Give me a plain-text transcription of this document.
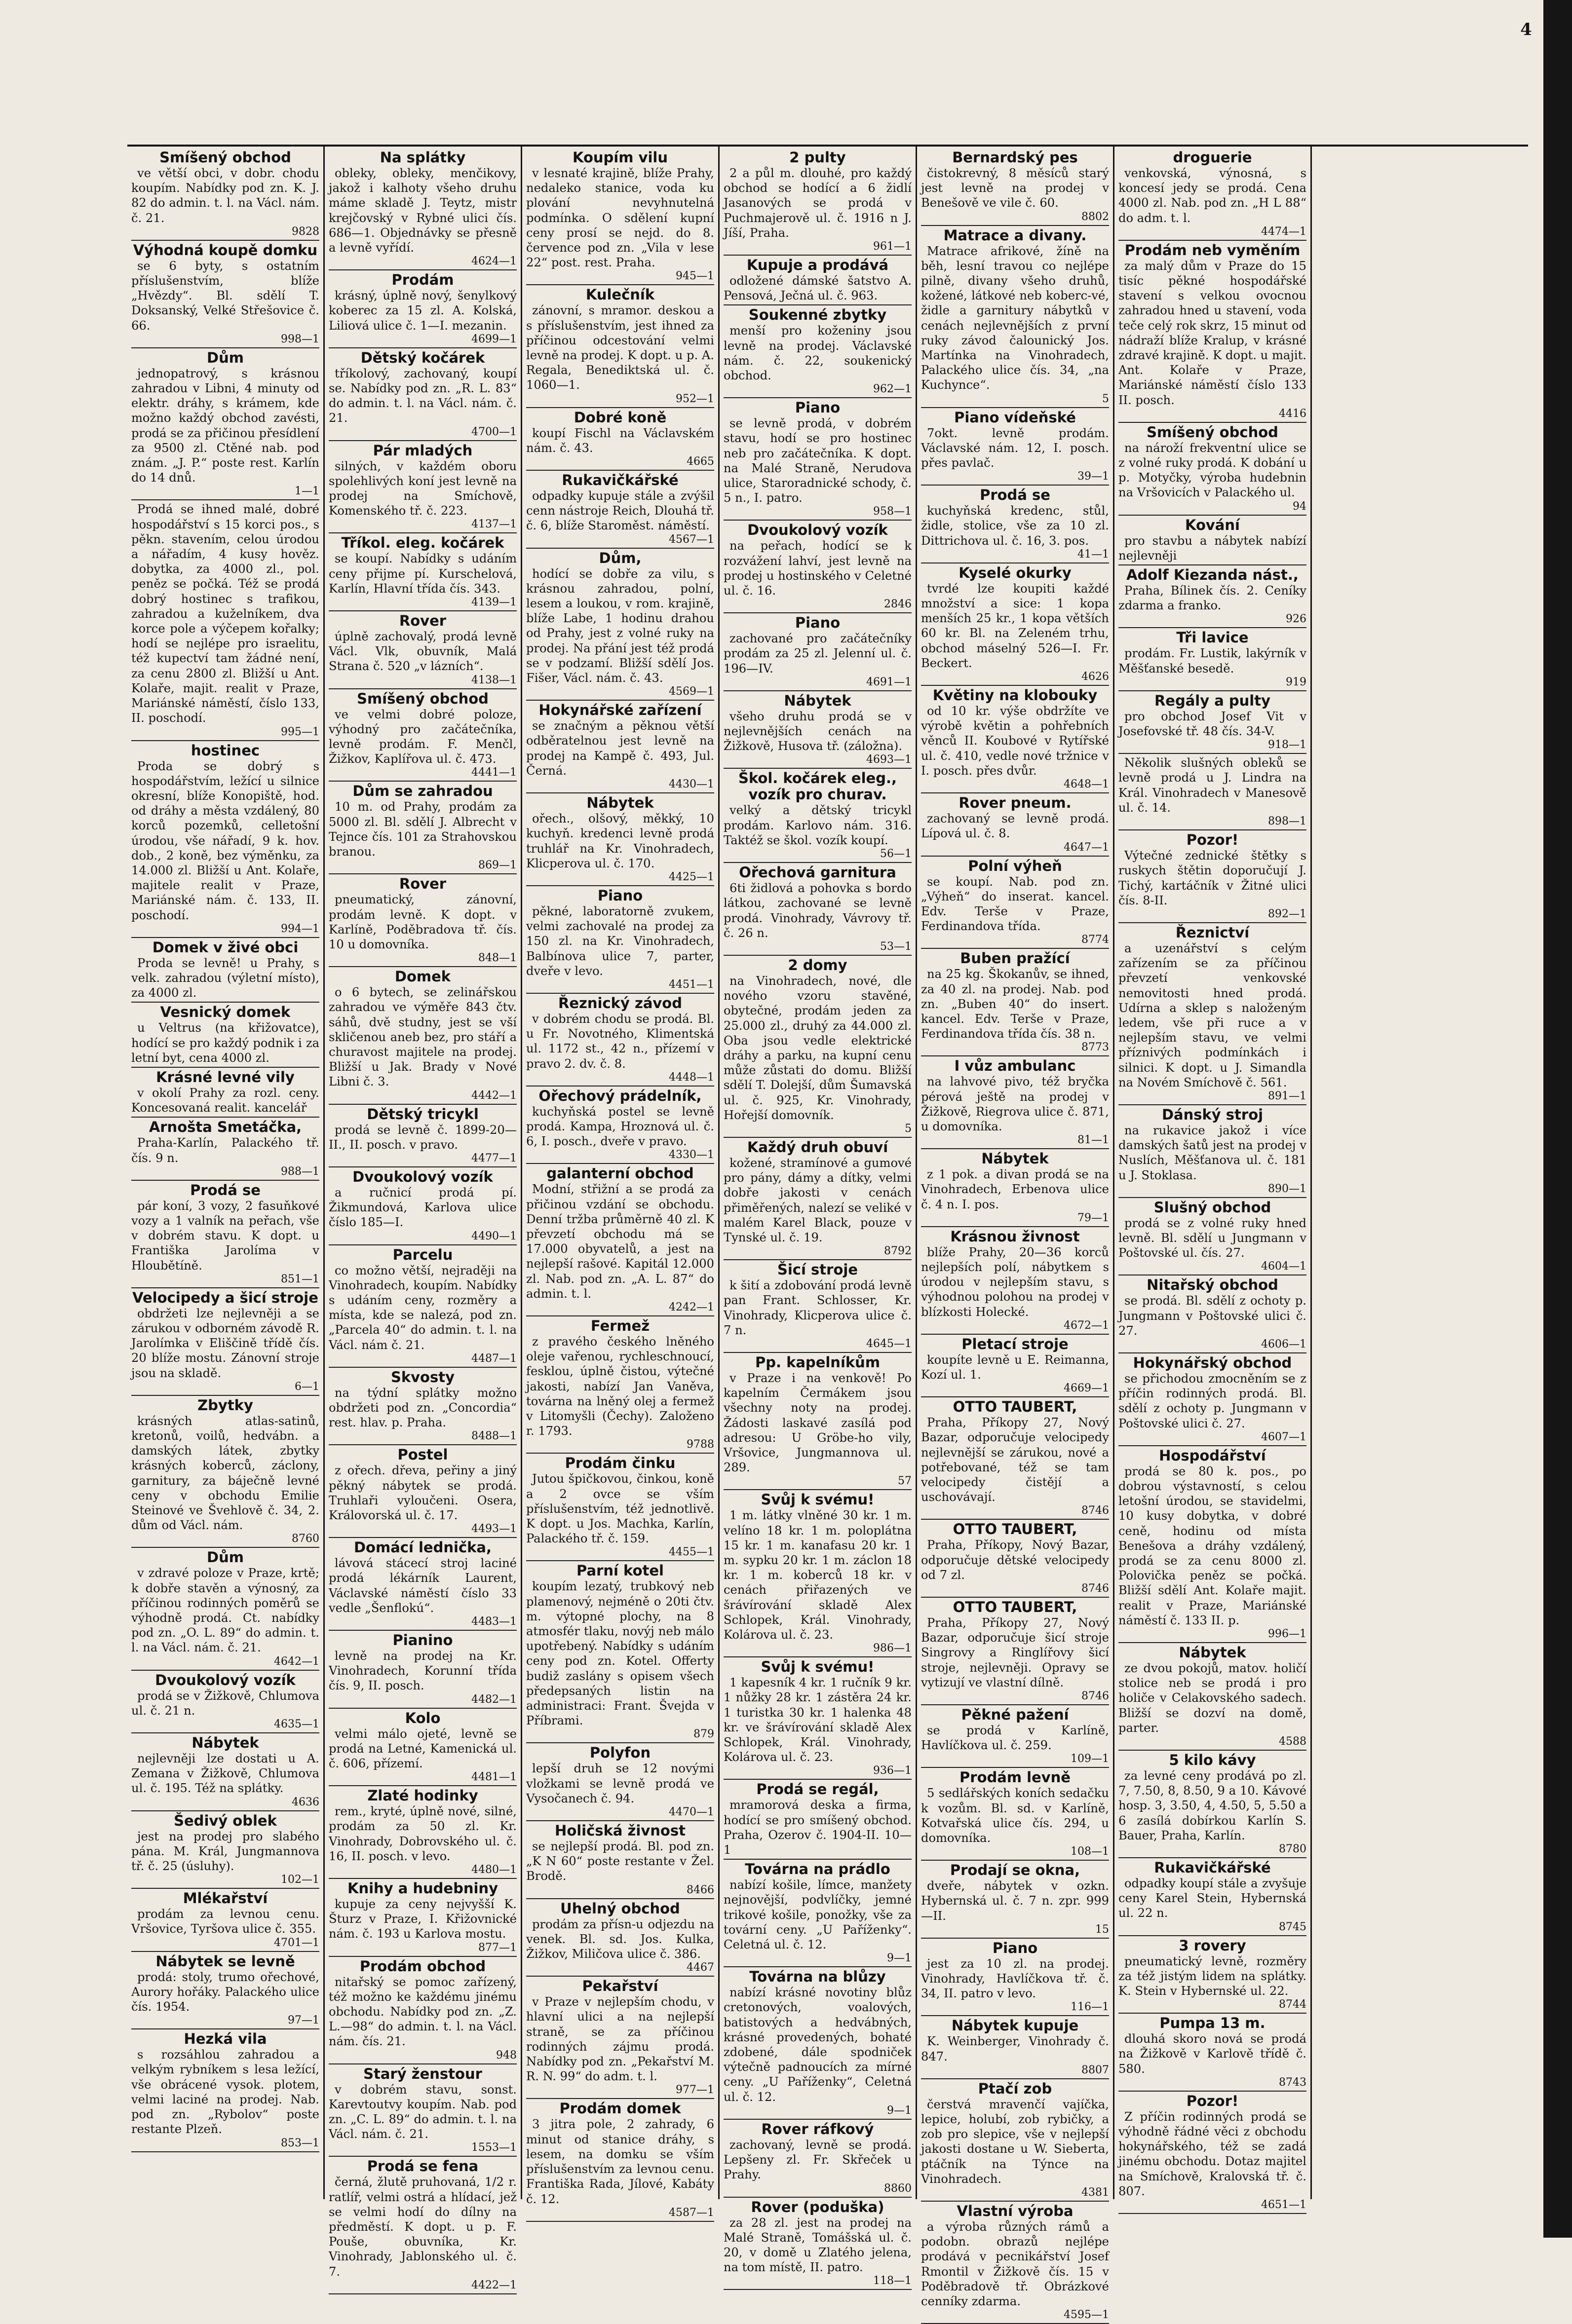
4
Smíšený obchod
ve větší obci, v dobr. chodu koupím. Nabídky pod zn. K. J. 82 do admin. t. l. na Václ. nám. č. 21.
9828
Výhodná koupě domku
se 6 byty, s ostatním příslušenstvím, blíže „Hvězdy“. Bl. sdělí T. Doksanský, Velké Střešovice č. 66.
998—1
Dům
jednopatrový, s krásnou zahradou v Libni, 4 minuty od elektr. dráhy, s krámem, kde možno každý obchod zavésti, prodá se za přičinou přesídlení za 9500 zl. Ctěné nab. pod znám. „J. P.“ poste rest. Karlín do 14 dnů.
1—1
Prodá se ihned malé, dobré hospodářství s 15 korci pos., s pěkn. stavením, celou úrodou a nářadím, 4 kusy hověz. dobytka, za 4000 zl., pol. peněz se počká. Též se prodá dobrý hostinec s trafikou, zahradou a kuželníkem, dva korce pole a výčepem kořalky; hodí se nejlépe pro israelitu, též kupectví tam žádné není, za cenu 2800 zl. Bližší u Ant. Kolaře, majit. realit v Praze, Mariánské náměstí, číslo 133, II. poschodí.
995—1
hostinec
Proda se dobrý s hospodářstvím, ležící u silnice okresní, blíže Konopiště, hod. od dráhy a města vzdálený, 80 korců pozemků, celletošní úrodou, vše nářadí, 9 k. hov. dob., 2 koně, bez výměnku, za 14.000 zl. Bližší u Ant. Kolaře, majitele realit v Praze, Mariánské nám. č. 133, II. poschodí.
994—1
Domek v živé obci
Proda se levně! u Prahy, s velk. zahradou (výletní místo), za 4000 zl.
Vesnický domek
u Veltrus (na křižovatce), hodící se pro každý podnik i za letní byt, cena 4000 zl.
Krásné levné vily
v okolí Prahy za rozl. ceny. Koncesovaná realit. kancelář
Arnošta Smetáčka,
Praha-Karlín, Palackého tř. čís. 9 n.
988—1
Prodá se
pár koní, 3 vozy, 2 fasuňkové vozy a 1 valník na peřach, vše v dobrém stavu. K dopt. u Františka Jarolíma v Hloubětíně.
851—1
Velocipedy a šicí stroje
obdržeti lze nejlevněji a se zárukou v odborném závodě R. Jarolímka v Eliščině třídě čís. 20 blíže mostu. Zánovní stroje jsou na skladě.
6—1
Zbytky
krásných atlas-satinů, kretonů, voilů, hedvábn. a damských látek, zbytky krásných koberců, záclony, garnitury, za báječně levné ceny v obchodu Emilie Steinové ve Švehlově č. 34, 2. dům od Václ. nám.
8760
Dům
v zdravé poloze v Praze, krtě; k dobře stavěn a výnosný, za příčinou rodinných poměrů se výhodně prodá. Ct. nabídky pod zn. „O. L. 89“ do admin. t. l. na Václ. nám. č. 21.
4642—1
Dvoukolový vozík
prodá se v Žižkově, Chlumova ul. č. 21 n.
4635—1
Nábytek
nejlevněji lze dostati u A. Zemana v Žižkově, Chlumova ul. č. 195. Též na splátky.
4636
Šedivý oblek
jest na prodej pro slabého pána. M. Král, Jungmannova tř. č. 25 (úsluhy).
102—1
Mlékařství
prodám za levnou cenu. Vršovice, Tyršova ulice č. 355.
4701—1
Nábytek se levně
prodá: stoly, trumo ořechové, Aurory hořáky. Palackého ulice čís. 1954.
97—1
Hezká vila
s rozsáhlou zahradou a velkým rybníkem s lesa ležící, vše obrácené vysok. plotem, velmi laciné na prodej. Nab. pod zn. „Rybolov“ poste restante Plzeň.
853—1
Na splátky
obleky, obleky, menčikovy, jakož i kalhoty všeho druhu máme skladě J. Teytz, mistr krejčovský v Rybné ulici čís. 686—1. Objednávky se přesně a levně vyřídí.
4624—1
Prodám
krásný, úplně nový, šenylkový koberec za 15 zl. A. Kolská, Liliová ulice č. 1—I. mezanin.
4699—1
Dětský kočárek
tříkolový, zachovaný, koupí se. Nabídky pod zn. „R. L. 83“ do admin. t. l. na Václ. nám. č. 21.
4700—1
Pár mladých
silných, v každém oboru spolehlivých koní jest levně na prodej na Smíchově, Komenského tř. č. 223.
4137—1
Tříkol. eleg. kočárek
se koupí. Nabídky s udáním ceny přijme pí. Kurschelová, Karlín, Hlavní třída čís. 343.
4139—1
Rover
úplně zachovalý, prodá levně Václ. Vlk, obuvník, Malá Strana č. 520 „v lázních“.
4138—1
Smíšený obchod
ve velmi dobré poloze, výhodný pro začátečníka, levně prodám. F. Menčl, Žižkov, Kaplířova ul. č. 473.
4441—1
Dům se zahradou
10 m. od Prahy, prodám za 5000 zl. Bl. sdělí J. Albrecht v Tejnce čís. 101 za Strahovskou branou.
869—1
Rover
pneumatický, zánovní, prodám levně. K dopt. v Karlíně, Poděbradova tř. čís. 10 u domovníka.
848—1
Domek
o 6 bytech, se zelinářskou zahradou ve výměře 843 čtv. sáhů, dvě studny, jest se vší skličenou aneb bez, pro stáří a churavost majitele na prodej. Bližší u Jak. Brady v Nové Libni č. 3.
4442—1
Dětský tricykl
prodá se levně č. 1899-20—II., II. posch. v pravo.
4477—1
Dvoukolový vozík
a ručnicí prodá pí. Žikmundová, Karlova ulice číslo 185—I.
4490—1
Parcelu
co možno větší, nejraději na Vinohradech, koupím. Nabídky s udáním ceny, rozměry a místa, kde se nalezá, pod zn. „Parcela 40“ do admin. t. l. na Václ. nám č. 21.
4487—1
Skvosty
na týdní splátky možno obdržeti pod zn. „Concordia“ rest. hlav. p. Praha.
8488—1
Postel
z ořech. dřeva, peřiny a jiný pěkný nábytek se prodá. Truhlaři vyloučeni. Osera, Královorská ul. č. 17.
4493—1
Domácí lednička,
lávová stácecí stroj laciné prodá lékárník Laurent, Václavské náměstí číslo 33 vedle „Šenflokú“.
4483—1
Pianino
levně na prodej na Kr. Vinohradech, Korunní třída čís. 9, II. posch.
4482—1
Kolo
velmi málo ojeté, levně se prodá na Letné, Kamenická ul. č. 606, přízemí.
4481—1
Zlaté hodinky
rem., kryté, úplně nové, silné, prodám za 50 zl. Kr. Vinohrady, Dobrovského ul. č. 16, II. posch. v levo.
4480—1
Knihy a hudebniny
kupuje za ceny nejvyšší K. Šturz v Praze, I. Křižovnické nám. č. 193 u Karlova mostu.
877—1
Prodám obchod
nitařský se pomoc zařízený, též možno ke každému jinému obchodu. Nabídky pod zn. „Z. L.—98“ do admin. t. l. na Václ. nám. čís. 21.
948
Starý ženstour
v dobrém stavu, sonst. Karevtoutvy koupím. Nab. pod zn. „C. L. 89“ do admin. t. l. na Václ. nám. č. 21.
1553—1
Prodá se fena
černá, žlutě pruhovaná, 1/2 r. ratlíř, velmi ostrá a hlídací, jež se velmi hodí do dílny na předměstí. K dopt. u p. F. Pouše, obuvníka, Kr. Vinohrady, Jablonského ul. č. 7.
4422—1
Koupím vilu
v lesnaté krajině, blíže Prahy, nedaleko stanice, voda ku plování nevyhnutelná podmínka. O sdělení kupní ceny prosí se nejd. do 8. července pod zn. „Vila v lese 22“ post. rest. Praha.
945—1
Kulečník
zánovní, s mramor. deskou a s příslušenstvím, jest ihned za příčinou odcestování velmi levně na prodej. K dopt. u p. A. Regala, Benediktská ul. č. 1060—1.
952—1
Dobré koně
koupí Fischl na Václavském nám. č. 43.
4665
Rukavičkářské
odpadky kupuje stále a zvýšil cenn nástroje Reich, Dlouhá tř. č. 6, blíže Staroměst. náměstí.
4567—1
Dům,
hodící se dobře za vilu, s krásnou zahradou, polní, lesem a loukou, v rom. krajině, blíže Labe, 1 hodinu drahou od Prahy, jest z volné ruky na prodej. Na přání jest též prodá se v podzamí. Bližší sdělí Jos. Fišer, Václ. nám. č. 43.
4569—1
Hokynářské zařízení
se značným a pěknou větší odběratelnou jest levně na prodej na Kampě č. 493, Jul. Černá.
4430—1
Nábytek
ořech., olšový, měkký, 10 kuchyň. kredenci levně prodá truhlář na Kr. Vinohradech, Klicperova ul. č. 170.
4425—1
Piano
pěkné, laboratorně zvukem, velmi zachovalé na prodej za 150 zl. na Kr. Vinohradech, Balbínova ulice 7, parter, dveře v levo.
4451—1
Řeznický závod
v dobrém chodu se prodá. Bl. u Fr. Novotného, Klimentská ul. 1172 st., 42 n., přízemí v pravo 2. dv. č. 8.
4448—1
Ořechový prádelník,
kuchyňská postel se levně prodá. Kampa, Hroznová ul. č. 6, I. posch., dveře v pravo.
4330—1
galanterní obchod
Modní, střižní a se prodá za přičinou vzdání se obchodu. Denní tržba průměrně 40 zl. K převzetí obchodu má se 17.000 obyvatelů, a jest na nejlepší rašové. Kapitál 12.000 zl. Nab. pod zn. „A. L. 87“ do admin. t. l.
4242—1
Fermež
z pravého českého lněného oleje vařenou, rychleschnoucí, fesklou, úplně čistou, výtečné jakosti, nabízí Jan Vaněva, továrna na lněný olej a fermež v Litomyšli (Čechy). Založeno r. 1793.
9788
Prodám činku
Jutou špičkovou, činkou, koně a 2 ovce se vším příslušenstvím, též jednotlivě. K dopt. u Jos. Machka, Karlín, Palackého tř. č. 159.
4455—1
Parní kotel
koupím lezatý, trubkový neb plamenový, nejméně o 20ti čtv. m. výtopné plochy, na 8 atmosfér tlaku, novýj neb málo upotřebený. Nabídky s udáním ceny pod zn. Kotel. Offerty budiž zaslány s opisem všech předepsaných listin na administraci: Frant. Švejda v Příbrami.
879
Polyfon
lepší druh se 12 novými vložkami se levně prodá ve Vysočanech č. 94.
4470—1
Holičská živnost
se nejlepší prodá. Bl. pod zn. „K N 60“ poste restante v Žel. Brodě.
8466
Uhelný obchod
prodám za přísn-u odjezdu na venek. Bl. sd. Jos. Kulka, Žižkov, Miličova ulice č. 386.
4467
Pekařství
v Praze v nejlepším chodu, v hlavní ulici a na nejlepší straně, se za příčinou rodinných zájmu prodá. Nabídky pod zn. „Pekařství M. R. N. 99“ do adm. t. l.
977—1
Prodám domek
3 jitra pole, 2 zahrady, 6 minut od stanice dráhy, s lesem, na domku se vším příslušenstvím za levnou cenu. Františka Rada, Jílové, Kabáty č. 12.
4587—1
2 pulty
2 a půl m. dlouhé, pro každý obchod se hodící a 6 židlí Jasanových se prodá v Puchmajerově ul. č. 1916 n J. Jíší, Praha.
961—1
Kupuje a prodává
odložené dámské šatstvo A. Pensová, Ječná ul. č. 963.
Soukenné zbytky
menší pro koženiny jsou levně na prodej. Václavské nám. č. 22, soukenický obchod.
962—1
Piano
se levně prodá, v dobrém stavu, hodí se pro hostinec neb pro začátečníka. K dopt. na Malé Straně, Nerudova ulice, Staroradnické schody, č. 5 n., I. patro.
958—1
Dvoukolový vozík
na peřach, hodící se k rozvážení lahví, jest levně na prodej u hostinského v Celetné ul. č. 16.
2846
Piano
zachované pro začátečníky prodám za 25 zl. Jelenní ul. č. 196—IV.
4691—1
Nábytek
všeho druhu prodá se v nejlevnějších cenách na Žižkově, Husova tř. (záložna).
4693—1
Škol. kočárek eleg., vozík pro churav.
velký a dětský tricykl prodám. Karlovo nám. 316. Taktéž se škol. vozík koupí.
56—1
Ořechová garnitura
6ti židlová a pohovka s bordo látkou, zachované se levně prodá. Vinohrady, Vávrovy tř. č. 26 n.
53—1
2 domy
na Vinohradech, nové, dle nového vzoru stavěné, obytečné, prodám jeden za 25.000 zl., druhý za 44.000 zl. Oba jsou vedle elektrické dráhy a parku, na kupní cenu může zůstati do domu. Bližší sdělí T. Dolejší, dům Šumavská ul. č. 925, Kr. Vinohrady, Hořejší domovník.
5
Každý druh obuví
kožené, stramínové a gumové pro pány, dámy a dítky, velmi dobře jakosti v cenách přiměřených, nalezí se veliké v malém Karel Black, pouze v Tynské ul. č. 19.
8792
Šicí stroje
k šití a zdobování prodá levně pan Frant. Schlosser, Kr. Vinohrady, Klicperova ulice č. 7 n.
4645—1
Pp. kapelníkům
v Praze i na venkově! Po kapelním Čermákem jsou všechny noty na prodej. Žádosti laskavé zasílá pod adresou: U Gröbe-ho vily, Vršovice, Jungmannova ul. 289.
57
Svůj k svému!
1 m. látky vlněné 30 kr. 1 m. velíno 18 kr. 1 m. poloplátna 15 kr. 1 m. kanafasu 20 kr. 1 m. sypku 20 kr. 1 m. záclon 18 kr. 1 m. koberců 18 kr. v cenách přiřazených ve šrávírování skladě Alex Schlopek, Král. Vinohrady, Kolárova ul. č. 23.
986—1
Svůj k svému!
1 kapesník 4 kr. 1 ručník 9 kr. 1 nůžky 28 kr. 1 zástěra 24 kr. 1 turistka 30 kr. 1 halenka 48 kr. ve šrávírování skladě Alex Schlopek, Král. Vinohrady, Kolárova ul. č. 23.
936—1
Prodá se regál,
mramorová deska a firma, hodící se pro smíšený obchod. Praha, Ozerov č. 1904-II. 10—1
Továrna na prádlo
nabízí košile, límce, manžety nejnovější, podvlíčky, jemné trikové košile, ponožky, vše za tovární ceny. „U Paříženky“. Celetná ul. č. 12.
9—1
Továrna na blůzy
nabízí krásné novotiny blůz cretonových, voalových, batistových a hedvábných, krásné provedených, bohaté zdobené, dále spodniček výtečně padnoucích za mírné ceny. „U Paříženky“, Celetná ul. č. 12.
9—1
Rover ráfkový
zachovaný, levně se prodá. Lepšeny zl. Fr. Skřeček u Prahy.
8860
Rover (poduška)
za 28 zl. jest na prodej na Malé Straně, Tomášská ul. č. 20, v domě u Zlatého jelena, na tom místě, II. patro.
118—1
Bernardský pes
čistokrevný, 8 měsíců starý jest levně na prodej v Benešově ve vile č. 60.
8802
Matrace a divany.
Matrace afrikové, žíně na běh, lesní travou co nejlépe pilně, divany všeho druhů, kožené, látkové neb koberc-vé, židle a garnitury nábytků v cenách nejlevnějších z první ruky závod čalounický Jos. Martínka na Vinohradech, Palackého ulice čís. 34, „na Kuchynce“.
5
Piano vídeňské
7okt. levně prodám. Václavské nám. 12, I. posch. přes pavlač.
39—1
Prodá se
kuchyňská kredenc, stůl, židle, stolice, vše za 10 zl. Dittrichova ul. č. 16, 3. pos.
41—1
Kyselé okurky
tvrdé lze koupiti každé množství a sice: 1 kopa menších 25 kr., 1 kopa větších 60 kr. Bl. na Zeleném trhu, obchod máselný 526—I. Fr. Beckert.
4626
Květiny na klobouky
od 10 kr. výše obdržíte ve výrobě květin a pohřebních věnců II. Koubové v Rytířské ul. č. 410, vedle nové tržnice v I. posch. přes dvůr.
4648—1
Rover pneum.
zachovaný se levně prodá. Lípová ul. č. 8.
4647—1
Polní výheň
se koupí. Nab. pod zn. „Výheň“ do inserat. kancel. Edv. Terše v Praze, Ferdinandova třída.
8774
Buben pražící
na 25 kg. Škokanův, se ihned, za 40 zl. na prodej. Nab. pod zn. „Buben 40“ do insert. kancel. Edv. Terše v Praze, Ferdinandova třída čís. 38 n.
8773
I vůz ambulanc
na lahvové pivo, též bryčka pérová ještě na prodej v Žižkově, Riegrova ulice č. 871, u domovníka.
81—1
Nábytek
z 1 pok. a divan prodá se na Vinohradech, Erbenova ulice č. 4 n. I. pos.
79—1
Krásnou živnost
blíže Prahy, 20—36 korců nejlepších polí, nábytkem s úrodou v nejlepším stavu, s výhodnou polohou na prodej v blízkosti Holecké.
4672—1
Pletací stroje
koupíte levně u E. Reimanna, Kozí ul. 1.
4669—1
OTTO TAUBERT,
Praha, Příkopy 27, Nový Bazar, odporučuje velocipedy nejlevnější se zárukou, nové a potřebované, též se tam velocipedy čistějí a uschovávají.
8746
OTTO TAUBERT,
Praha, Příkopy, Nový Bazar, odporučuje dětské velocipedy od 7 zl.
8746
OTTO TAUBERT,
Praha, Příkopy 27, Nový Bazar, odporučuje šicí stroje Singrovy a Ringlířovy šicí stroje, nejlevněji. Opravy se vytizují ve vlastní dílně.
8746
Pěkné pažení
se prodá v Karlíně, Havlíčkova ul. č. 259.
109—1
Prodám levně
5 sedlářských koních sedačku k vozům. Bl. sd. v Karlíně, Kotvařská ulice čís. 294, u domovníka.
108—1
Prodají se okna,
dveře, nábytek v ozkn. Hybernská ul. č. 7 n. zpr. 999—II.
15
Piano
jest za 10 zl. na prodej. Vinohrady, Havlíčkova tř. č. 34, II. patro v levo.
116—1
Nábytek kupuje
K. Weinberger, Vinohrady č. 847.
8807
Ptačí zob
čerstvá mravenčí vajíčka, lepice, holubí, zob rybičky, a zob pro slepice, vše v nejlepší jakosti dostane u W. Sieberta, ptáčník na Týnce na Vinohradech.
4381
Vlastní výroba
a výroba různých rámů a podobn. obrazů nejlépe prodává v pecnikářství Josef Rmontil v Žižkově čís. 15 v Poděbradově tř. Obrázkové cenníky zdarma.
4595—1
droguerie
venkovská, výnosná, s koncesí jedy se prodá. Cena 4000 zl. Nab. pod zn. „H L 88“ do adm. t. l.
4474—1
Prodám neb vyměním
za malý dům v Praze do 15 tisíc pěkné hospodářské stavení s velkou ovocnou zahradou hned u stavení, voda teče celý rok skrz, 15 minut od nádraží blíže Kralup, v krásné zdravé krajině. K dopt. u majit. Ant. Kolaře v Praze, Mariánské náměstí číslo 133 II. posch.
4416
Smíšený obchod
na nároží frekventní ulice se z volné ruky prodá. K dobání u p. Motyčky, výroba hudebnin na Vršovicích v Palackého ul.
94
Kování
pro stavbu a nábytek nabízí nejlevněji
Adolf Kiezanda nást.,
Praha, Bílinek čís. 2. Ceníky zdarma a franko.
926
Tři lavice
prodám. Fr. Lustik, lakýrník v Měšťanské besedě.
919
Regály a pulty
pro obchod Josef Vit v Josefovské tř. 48 čís. 34-V.
918—1
Několik slušných obleků se levně prodá u J. Lindra na Král. Vinohradech v Manesově ul. č. 14.
898—1
Pozor!
Výtečné zednické štětky s ruskych štětin doporučují J. Tichý, kartáčník v Žitné ulici čís. 8-II.
892—1
Řeznictví
a uzenářství s celým zařízením se za příčinou převzetí venkovské nemovitosti hned prodá. Udírna a sklep s naloženým ledem, vše při ruce a v nejlepším stavu, ve velmi příznivých podmínkách i silnici. K dopt. u J. Simandla na Novém Smíchově č. 561.
891—1
Dánský stroj
na rukavice jakož i více damských šatů jest na prodej v Nuslích, Měšťanova ul. č. 181 u J. Stoklasa.
890—1
Slušný obchod
prodá se z volné ruky hned levně. Bl. sdělí u Jungmann v Poštovské ul. čís. 27.
4604—1
Nitařský obchod
se prodá. Bl. sdělí z ochoty p. Jungmann v Poštovské ulici č. 27.
4606—1
Hokynářský obchod
se přichodou zmocněním se z příčin rodinných prodá. Bl. sdělí z ochoty p. Jungmann v Poštovské ulici č. 27.
4607—1
Hospodářství
prodá se 80 k. pos., po dobrou výstavností, s celou letošní úrodou, se stavidelmi, 10 kusy dobytka, v dobré ceně, hodinu od místa Benešova a dráhy vzdálený, prodá se za cenu 8000 zl. Polovička peněz se počká. Bližší sdělí Ant. Kolaře majit. realit v Praze, Mariánské náměstí č. 133 II. p.
996—1
Nábytek
ze dvou pokojů, matov. holičí stolice neb se prodá i pro holiče v Celakovského sadech. Bližší se dozví na domě, parter.
4588
5 kilo kávy
za levné ceny prodává po zl. 7, 7.50, 8, 8.50, 9 a 10. Kávové hosp. 3, 3.50, 4, 4.50, 5, 5.50 a 6 zasílá dobírkou Karlín S. Bauer, Praha, Karlín.
8780
Rukavičkářské
odpadky koupí stále a zvyšuje ceny Karel Stein, Hybernská ul. 22 n.
8745
3 rovery
pneumatický levně, rozměry za též jistým lidem na splátky. K. Stein v Hybernské ul. 22.
8744
Pumpa 13 m.
dlouhá skoro nová se prodá na Žižkově v Karlově třídě č. 580.
8743
Pozor!
Z příčin rodinných prodá se výhodně řádné věci z obchodu hokynářského, též se zadá jinému obchodu. Dotaz majitel na Smíchově, Kralovská tř. č. 807.
4651—1
